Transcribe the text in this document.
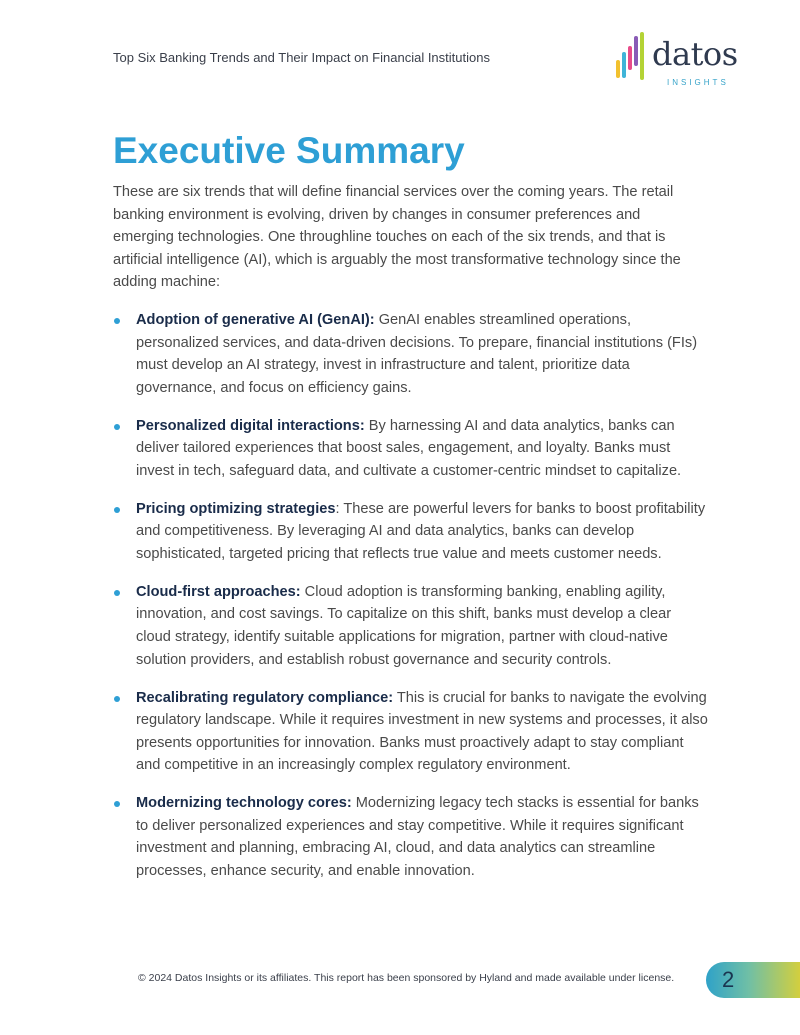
Top Six Banking Trends and Their Impact on Financial Institutions	datos
INSIGHTS
Executive Summary

These are six trends that will define financial services over the coming years. The retail banking environment is evolving, driven by changes in consumer preferences and emerging technologies. One throughline touches on each of the six trends, and that is artificial intelligence (AI), which is arguably the most transformative technology since the adding machine:

Adoption of generative AI (GenAI): GenAI enables streamlined operations, personalized services, and data-driven decisions. To prepare, financial institutions (FIs) must develop an AI strategy, invest in infrastructure and talent, prioritize data governance, and focus on efficiency gains.
Personalized digital interactions: By harnessing AI and data analytics, banks can deliver tailored experiences that boost sales, engagement, and loyalty. Banks must invest in tech, safeguard data, and cultivate a customer-centric mindset to capitalize.
Pricing optimizing strategies: These are powerful levers for banks to boost profitability and competitiveness. By leveraging AI and data analytics, banks can develop sophisticated, targeted pricing that reflects true value and meets customer needs.
Cloud-first approaches: Cloud adoption is transforming banking, enabling agility, innovation, and cost savings. To capitalize on this shift, banks must develop a clear cloud strategy, identify suitable applications for migration, partner with cloud-native solution providers, and establish robust governance and security controls.
Recalibrating regulatory compliance: This is crucial for banks to navigate the evolving regulatory landscape. While it requires investment in new systems and processes, it also presents opportunities for innovation. Banks must proactively adapt to stay compliant and competitive in an increasingly complex regulatory environment.
Modernizing technology cores: Modernizing legacy tech stacks is essential for banks to deliver personalized experiences and stay competitive. While it requires significant investment and planning, embracing AI, cloud, and data analytics can streamline processes, enhance security, and enable innovation.
© 2024 Datos Insights or its affiliates. This report has been sponsored by Hyland and made available under license. 2
